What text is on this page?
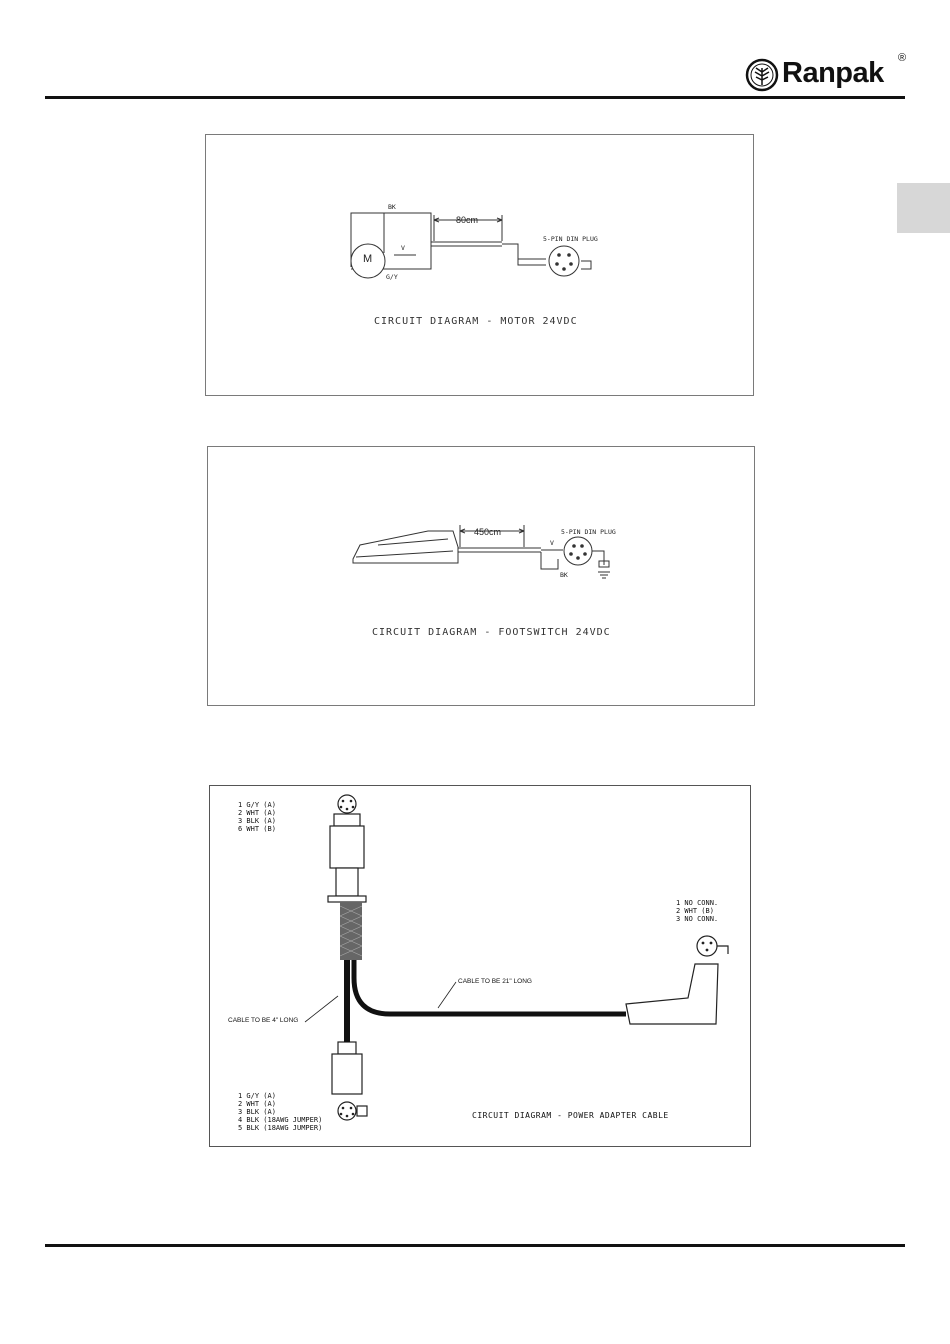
Ranpak ®
80cm
M
5-PIN DIN PLUG
BK
V
G/Y
CIRCUIT DIAGRAM - MOTOR 24VDC
450cm	5-PIN DIN PLUG
V
BK
CIRCUIT DIAGRAM - FOOTSWITCH 24VDC
1 G/Y (A)
2 WHT (A)
3 BLK (A)
6 WHT (B)
1 G/Y (A)
2 WHT (A)
3 BLK (A)
4 BLK (18AWG JUMPER)
5 BLK (18AWG JUMPER)
1 NO CONN.
2 WHT (B)
3 NO CONN.
CABLE TO BE 4" LONG
CABLE TO BE 21" LONG
CIRCUIT DIAGRAM - POWER ADAPTER CABLE
